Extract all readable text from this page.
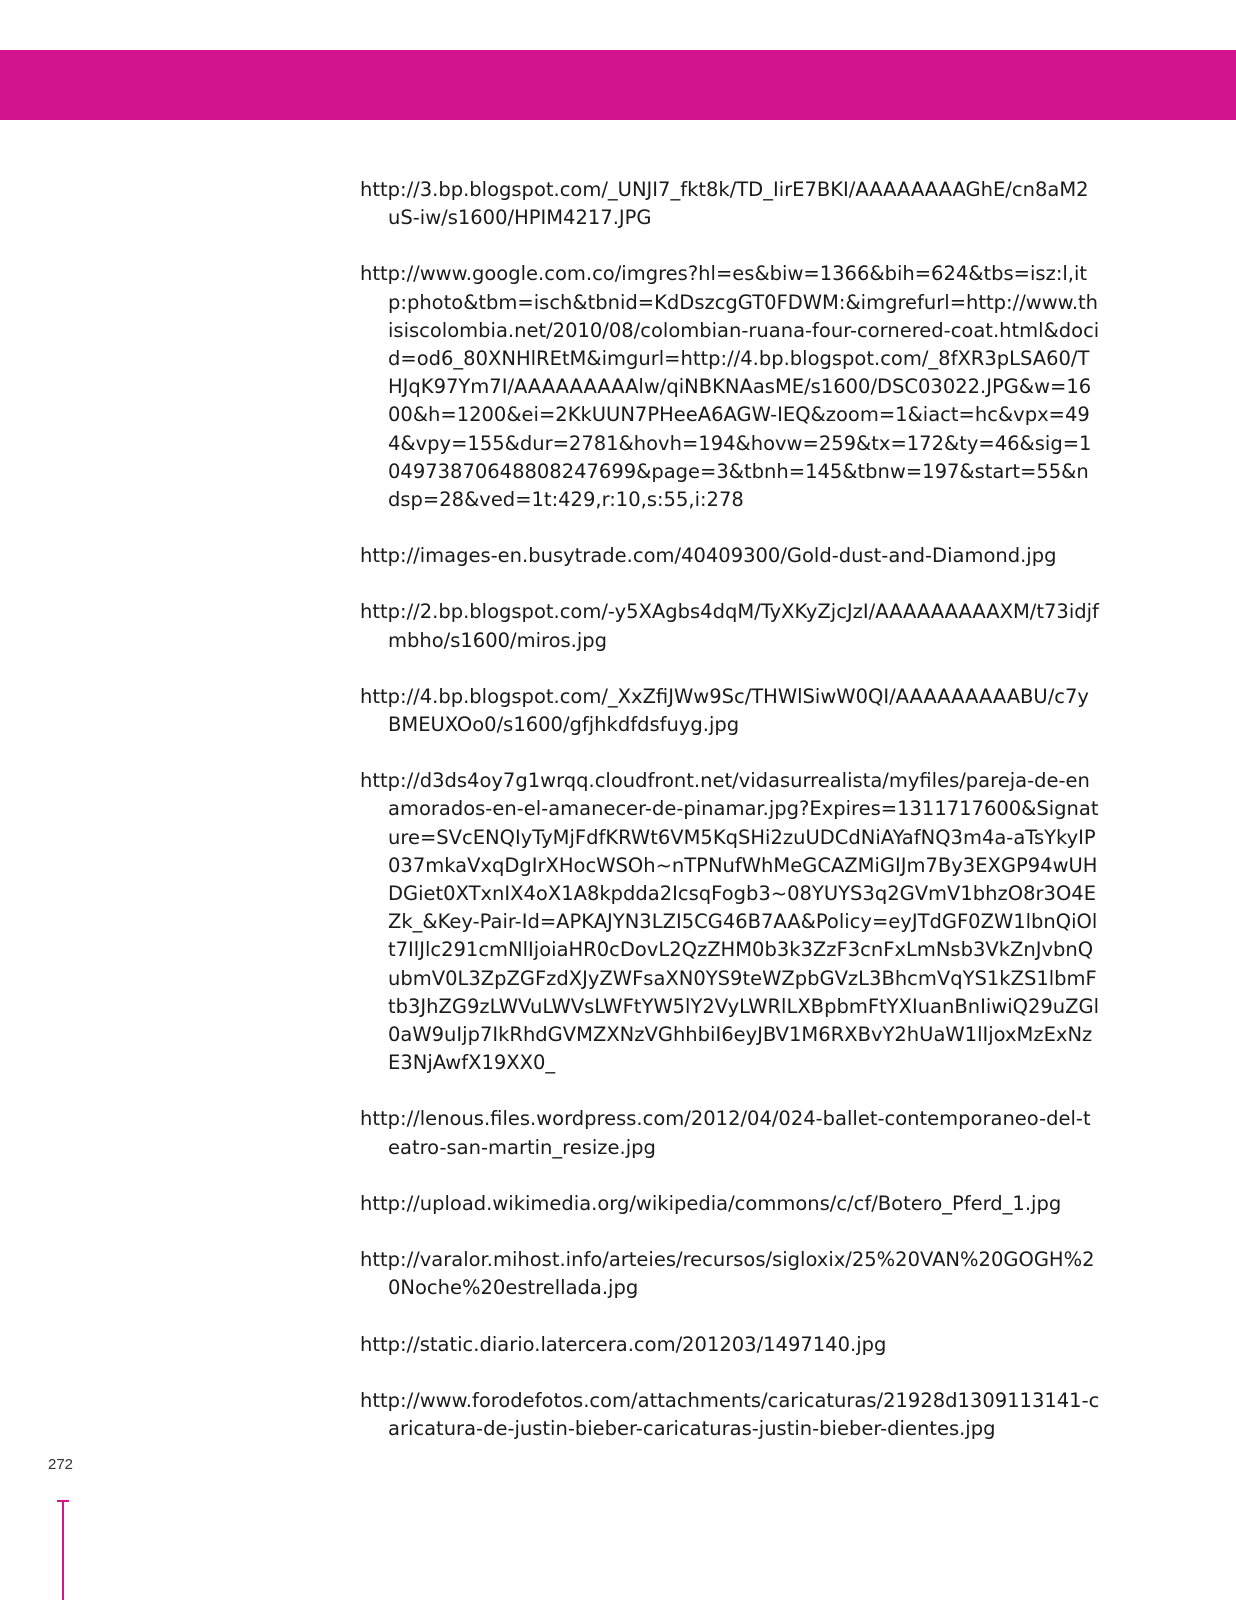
http://3.bp.blogspot.com/_UNJI7_fkt8k/TD_IirE7BKI/AAAAAAAAGhE/cn8aM2uS-iw/s1600/HPIM4217.JPG
http://www.google.com.co/imgres?hl=es&biw=1366&bih=624&tbs=isz:l,itp:photo&tbm=isch&tbnid=KdDszcgGT0FDWM:&imgrefurl=http://www.thisiscolombia.net/2010/08/colombian-ruana-four-cornered-coat.html&docid=od6_80XNHlREtM&imgurl=http://4.bp.blogspot.com/_8fXR3pLSA60/THJqK97Ym7I/AAAAAAAAAlw/qiNBKNAasME/s1600/DSC03022.JPG&w=1600&h=1200&ei=2KkUUN7PHeeA6AGW-IEQ&zoom=1&iact=hc&vpx=494&vpy=155&dur=2781&hovh=194&hovw=259&tx=172&ty=46&sig=104973870648808247699&page=3&tbnh=145&tbnw=197&start=55&ndsp=28&ved=1t:429,r:10,s:55,i:278
http://images-en.busytrade.com/40409300/Gold-dust-and-Diamond.jpg
http://2.bp.blogspot.com/-y5XAgbs4dqM/TyXKyZjcJzI/AAAAAAAAAXM/t73idjfmbho/s1600/miros.jpg
http://4.bp.blogspot.com/_XxZfiJWw9Sc/THWlSiwW0QI/AAAAAAAAABU/c7yBMEUXOo0/s1600/gfjhkdfdsfuyg.jpg
http://d3ds4oy7g1wrqq.cloudfront.net/vidasurrealista/myfiles/pareja-de-enamorados-en-el-amanecer-de-pinamar.jpg?Expires=1311717600&Signature=SVcENQIyTyMjFdfKRWt6VM5KqSHi2zuUDCdNiAYafNQ3m4a-aTsYkyIP037mkaVxqDgIrXHocWSOh~nTPNufWhMeGCAZMiGIJm7By3EXGP94wUHDGiet0XTxnIX4oX1A8kpdda2IcsqFogb3~08YUYS3q2GVmV1bhzO8r3O4EZk_&Key-Pair-Id=APKAJYN3LZI5CG46B7AA&Policy=eyJTdGF0ZW1lbnQiOlt7IlJlc291cmNlIjoiaHR0cDovL2QzZHM0b3k3ZzF3cnFxLmNsb3VkZnJvbnQubmV0L3ZpZGFzdXJyZWFsaXN0YS9teWZpbGVzL3BhcmVqYS1kZS1lbmFtb3JhZG9zLWVuLWVsLWFtYW5lY2VyLWRlLXBpbmFtYXIuanBnIiwiQ29uZGl0aW9uIjp7IkRhdGVMZXNzVGhhbiI6eyJBV1M6RXBvY2hUaW1lIjoxMzExNzE3NjAwfX19XX0_
http://lenous.files.wordpress.com/2012/04/024-ballet-contemporaneo-del-teatro-san-martin_resize.jpg
http://upload.wikimedia.org/wikipedia/commons/c/cf/Botero_Pferd_1.jpg
http://varalor.mihost.info/arteies/recursos/sigloxix/25%20VAN%20GOGH%20Noche%20estrellada.jpg
http://static.diario.latercera.com/201203/1497140.jpg
http://www.forodefotos.com/attachments/caricaturas/21928d1309113141-caricatura-de-justin-bieber-caricaturas-justin-bieber-dientes.jpg
272
